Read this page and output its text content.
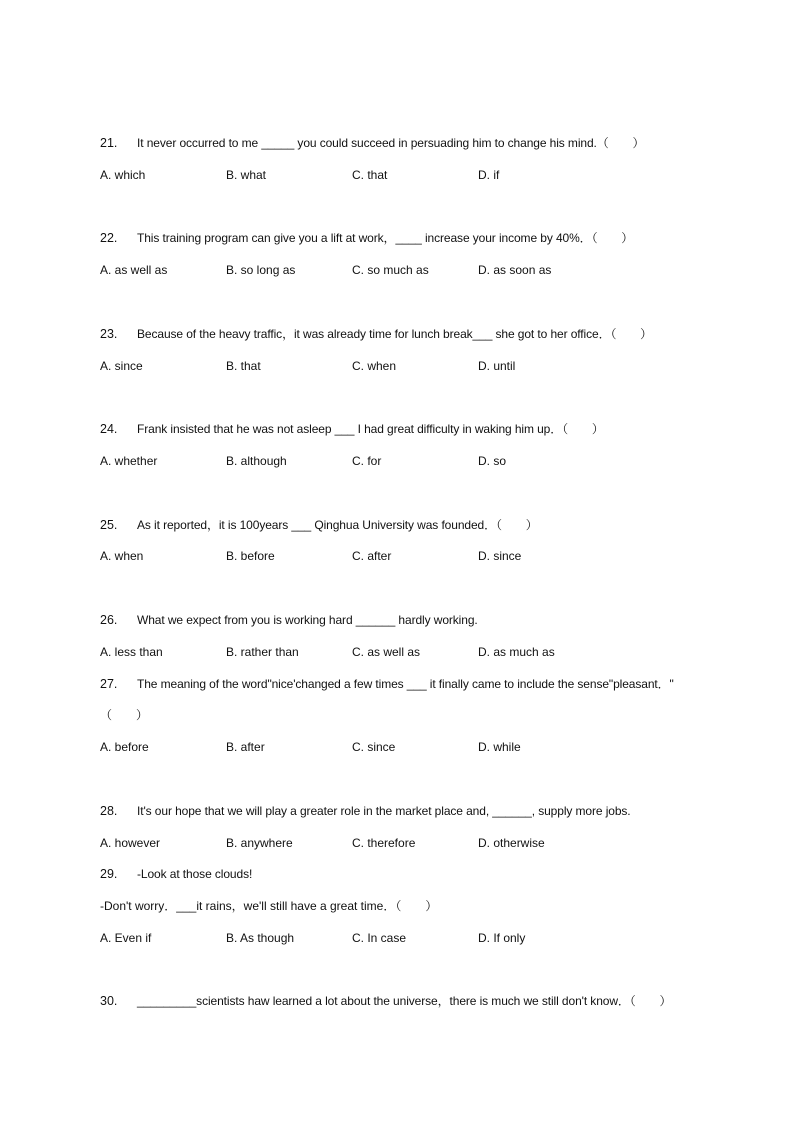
21. It never occurred to me _____ you could succeed in persuading him to change his mind.（　　）
A. which	B. what	C. that	D. if
22. This training program can give you a lift at work，____ increase your income by 40%．（　　）
A. as well as	B. so long as	C. so much as	D. as soon as
23. Because of the heavy traffic，it was already time for lunch break___ she got to her office．（　　）
A. since	B. that	C. when	D. until
24. Frank insisted that he was not asleep ___ I had great difficulty in waking him up．（　　）
A. whether	B. although	C. for	D. so
25. As it reported，it is 100years ___ Qinghua University was founded．（　　）
A. when	B. before	C. after	D. since
26. What we expect from you is working hard ______ hardly working.
A. less than	B. rather than	C. as well as	D. as much as
27. The meaning of the word"nice'changed a few times ___ it finally came to include the sense"pleasant．"
（　　）
A. before	B. after	C. since	D. while
28. It's our hope that we will play a greater role in the market place and, ______, supply more jobs.
A. however	B. anywhere	C. therefore	D. otherwise
29. -Look at those clouds!
-Don't worry．___it rains，we'll still have a great time．（　　）
A. Even if	B. As though	C. In case	D. If only
30. _________scientists haw learned a lot about the universe，there is much we still don't know．（　　）
